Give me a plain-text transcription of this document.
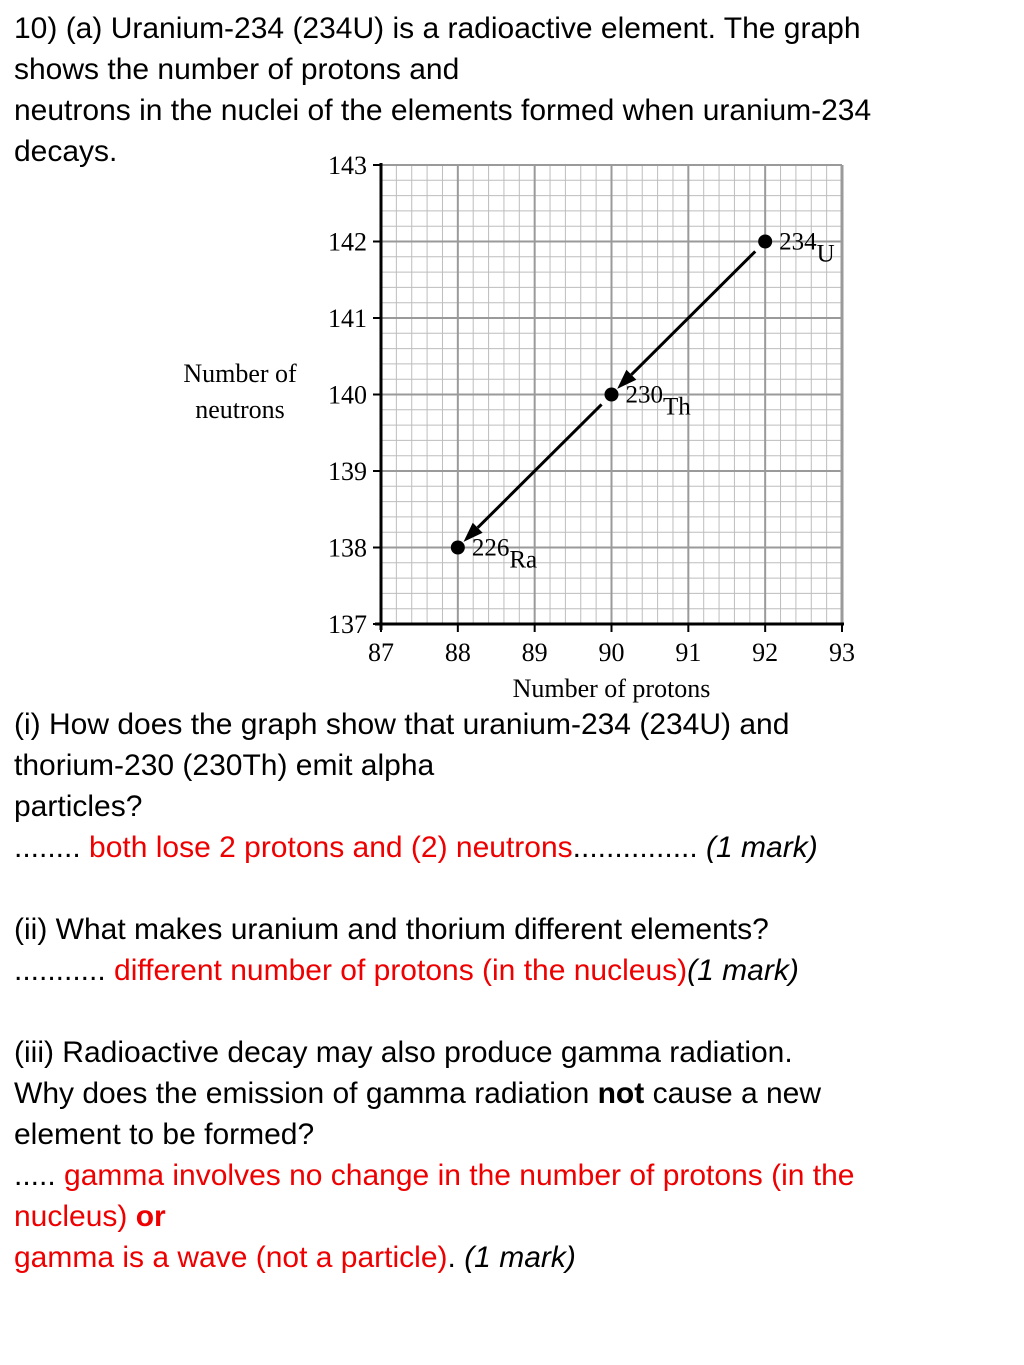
10) (a) Uranium-234 (234U) is a radioactive element. The graph
shows the number of protons and
neutrons in the nuclei of the elements formed when uranium-234
decays.
137
138
139
140
141
142
143
87 88 89 90 91 92 93
234 U
230 Th
226 Ra
Number of protons
Number of
neutrons
(i) How does the graph show that uranium-234 (234U) and
thorium-230 (230Th) emit alpha
particles?
........ both lose 2 protons and (2) neutrons............... (1 mark)
(ii) What makes uranium and thorium different elements?
........... different number of protons (in the nucleus)(1 mark)
(iii) Radioactive decay may also produce gamma radiation.
Why does the emission of gamma radiation not cause a new
element to be formed?
..... gamma involves no change in the number of protons (in the
nucleus) or
gamma is a wave (not a particle). (1 mark)
